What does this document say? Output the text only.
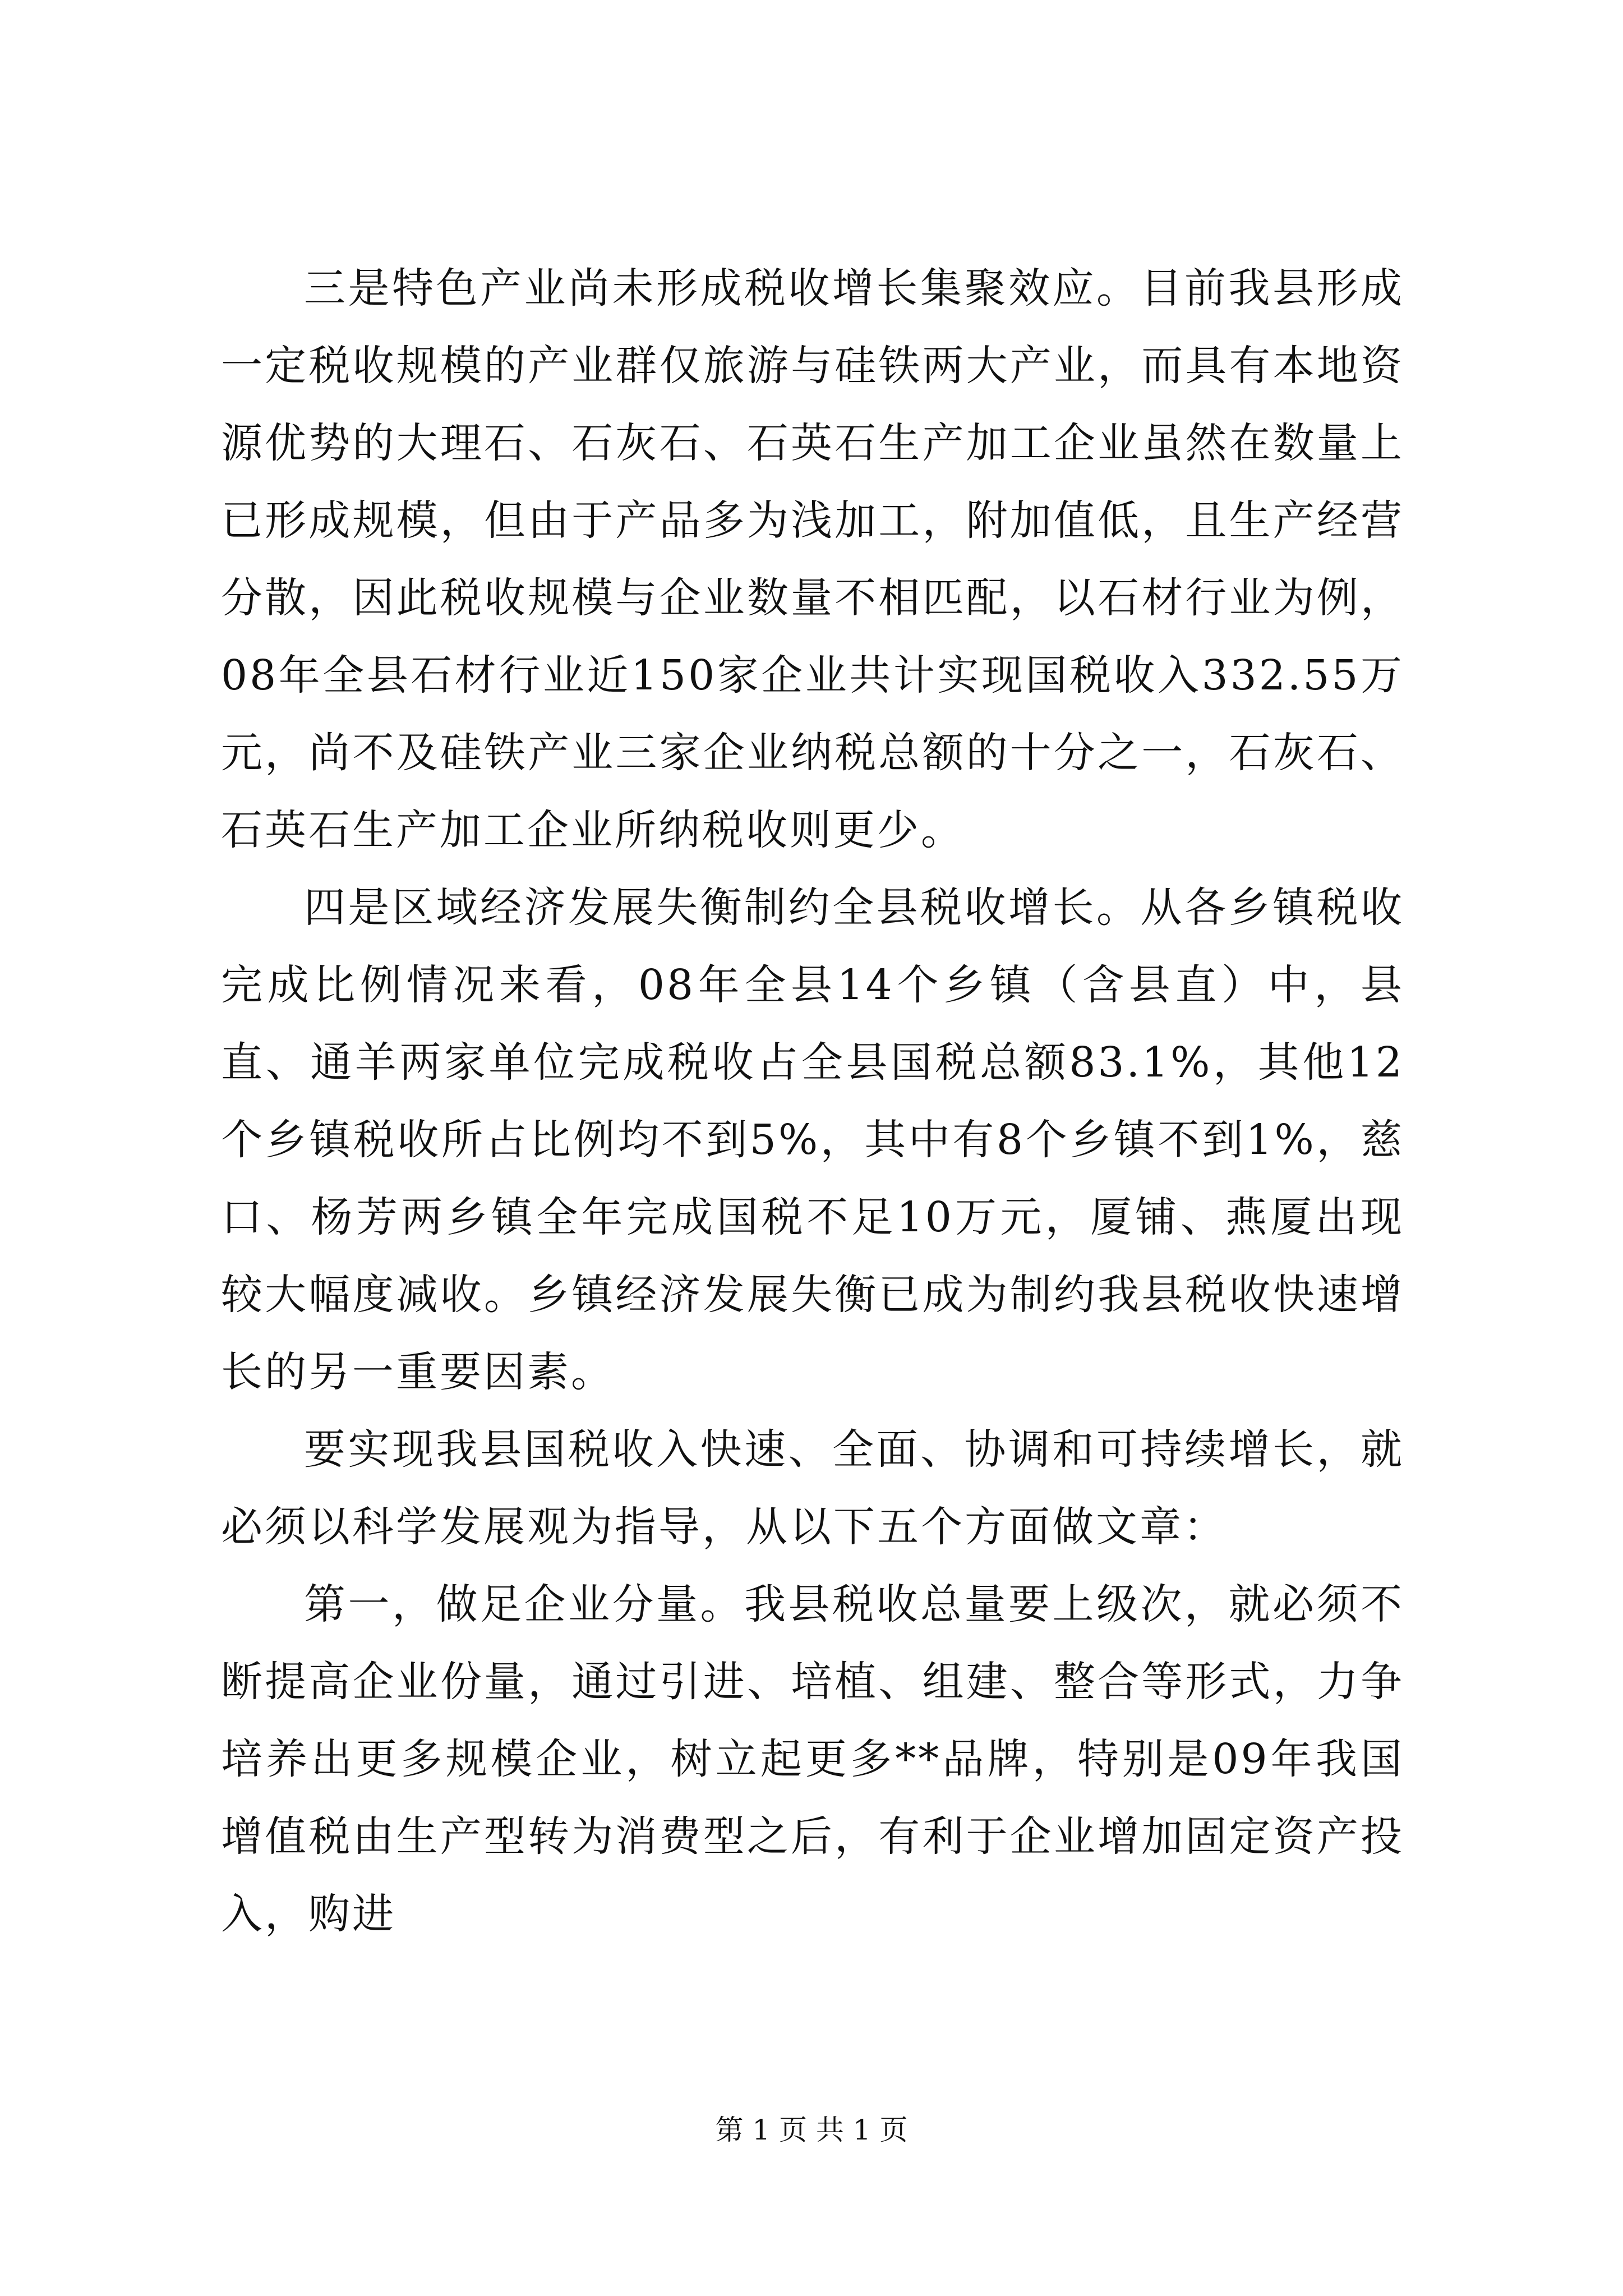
三是特色产业尚未形成税收增长集聚效应。目前我县形成一定税收规模的产业群仅旅游与硅铁两大产业，而具有本地资源优势的大理石、石灰石、石英石生产加工企业虽然在数量上已形成规模，但由于产品多为浅加工，附加值低，且生产经营分散，因此税收规模与企业数量不相匹配，以石材行业为例，08年全县石材行业近150家企业共计实现国税收入332.55万元，尚不及硅铁产业三家企业纳税总额的十分之一，石灰石、石英石生产加工企业所纳税收则更少。

四是区域经济发展失衡制约全县税收增长。从各乡镇税收完成比例情况来看，08年全县14个乡镇（含县直）中，县直、通羊两家单位完成税收占全县国税总额83.1%，其他12个乡镇税收所占比例均不到5%，其中有8个乡镇不到1%，慈口、杨芳两乡镇全年完成国税不足10万元，厦铺、燕厦出现较大幅度减收。乡镇经济发展失衡已成为制约我县税收快速增长的另一重要因素。

要实现我县国税收入快速、全面、协调和可持续增长，就必须以科学发展观为指导，从以下五个方面做文章：

第一，做足企业分量。我县税收总量要上级次，就必须不断提高企业份量，通过引进、培植、组建、整合等形式，力争培养出更多规模企业，树立起更多**品牌，特别是09年我国增值税由生产型转为消费型之后，有利于企业增加固定资产投入，购进

第 1 页 共 1 页
